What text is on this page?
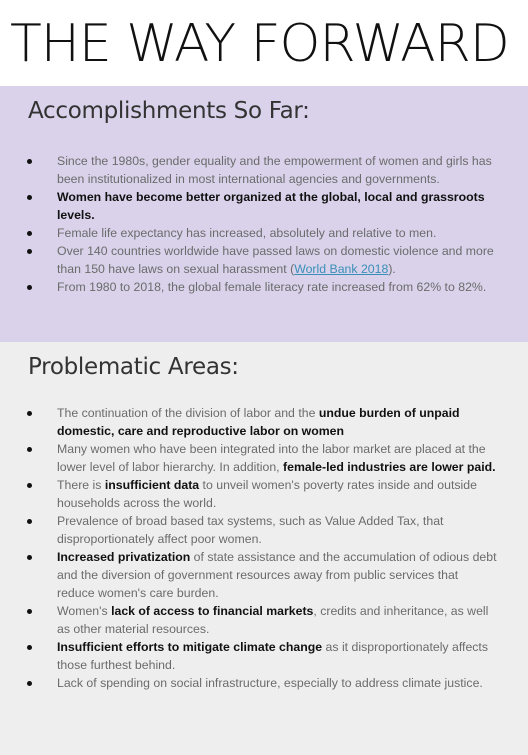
THE WAY FORWARD
Accomplishments So Far:
Since the 1980s, gender equality and the empowerment of women and girls has been institutionalized in most international agencies and governments.
Women have become better organized at the global, local and grassroots levels.
Female life expectancy has increased, absolutely and relative to men.
Over 140 countries worldwide have passed laws on domestic violence and more than 150 have laws on sexual harassment (World Bank 2018).
From 1980 to 2018, the global female literacy rate increased from 62% to 82%.
Problematic Areas:
The continuation of the division of labor and the undue burden of unpaid domestic, care and reproductive labor on women
Many women who have been integrated into the labor market are placed at the lower level of labor hierarchy. In addition, female-led industries are lower paid.
There is insufficient data to unveil women's poverty rates inside and outside households across the world.
Prevalence of broad based tax systems, such as Value Added Tax, that disproportionately affect poor women.
Increased privatization of state assistance and the accumulation of odious debt and the diversion of government resources away from public services that reduce women's care burden.
Women's lack of access to financial markets, credits and inheritance, as well as other material resources.
Insufficient efforts to mitigate climate change as it disproportionately affects those furthest behind.
Lack of spending on social infrastructure, especially to address climate justice.
